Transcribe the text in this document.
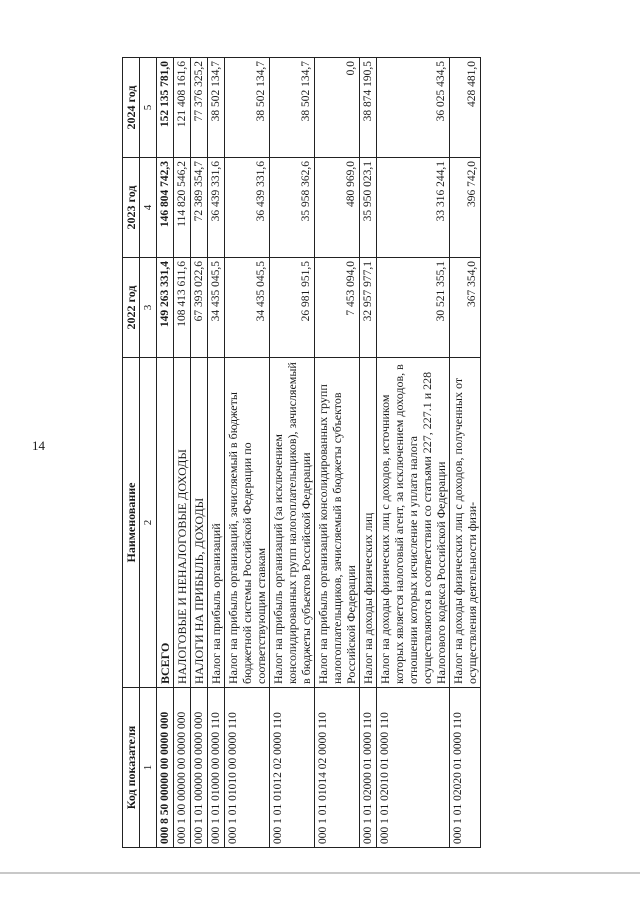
14
Код показателя	Наименование	2022 год	2023 год	2024 год
1	2	3	4	5
000 8 50 00000 00 0000 000	ВСЕГО	149 263 331,4	146 804 742,3	152 135 781,0
000 1 00 00000 00 0000 000	НАЛОГОВЫЕ И НЕНАЛОГОВЫЕ ДОХОДЫ	108 413 611,6	114 820 546,2	121 408 161,6
000 1 01 00000 00 0000 000	НАЛОГИ НА ПРИБЫЛЬ, ДОХОДЫ	67 393 022,6	72 389 354,7	77 376 325,2
000 1 01 01000 00 0000 110	Налог на прибыль организаций	34 435 045,5	36 439 331,6	38 502 134,7
000 1 01 01010 00 0000 110	Налог на прибыль организаций, зачисляемый в бюджеты бюджетной системы Российской Федерации по соответствующим ставкам	34 435 045,5	36 439 331,6	38 502 134,7
000 1 01 01012 02 0000 110	Налог на прибыль организаций (за исключением консолидированных групп налогоплательщиков), зачисляемый в бюджеты субъектов Российской Федерации	26 981 951,5	35 958 362,6	38 502 134,7
000 1 01 01014 02 0000 110	Налог на прибыль организаций консолидированных групп налогоплательщиков, зачисляемый в бюджеты субъектов Российской Федерации	7 453 094,0	480 969,0	0,0
000 1 01 02000 01 0000 110	Налог на доходы физических лиц	32 957 977,1	35 950 023,1	38 874 190,5
000 1 01 02010 01 0000 110	Налог на доходы физических лиц с доходов, источником которых является налоговый агент, за исключением доходов, в отношении которых исчисление и уплата налога осуществляются в соответствии со статьями 227, 227.1 и 228 Налогового кодекса Российской Федерации	30 521 355,1	33 316 244,1	36 025 434,5
000 1 01 02020 01 0000 110	Налог на доходы физических лиц с доходов, полученных от осуществления деятельности физи-	367 354,0	396 742,0	428 481,0
